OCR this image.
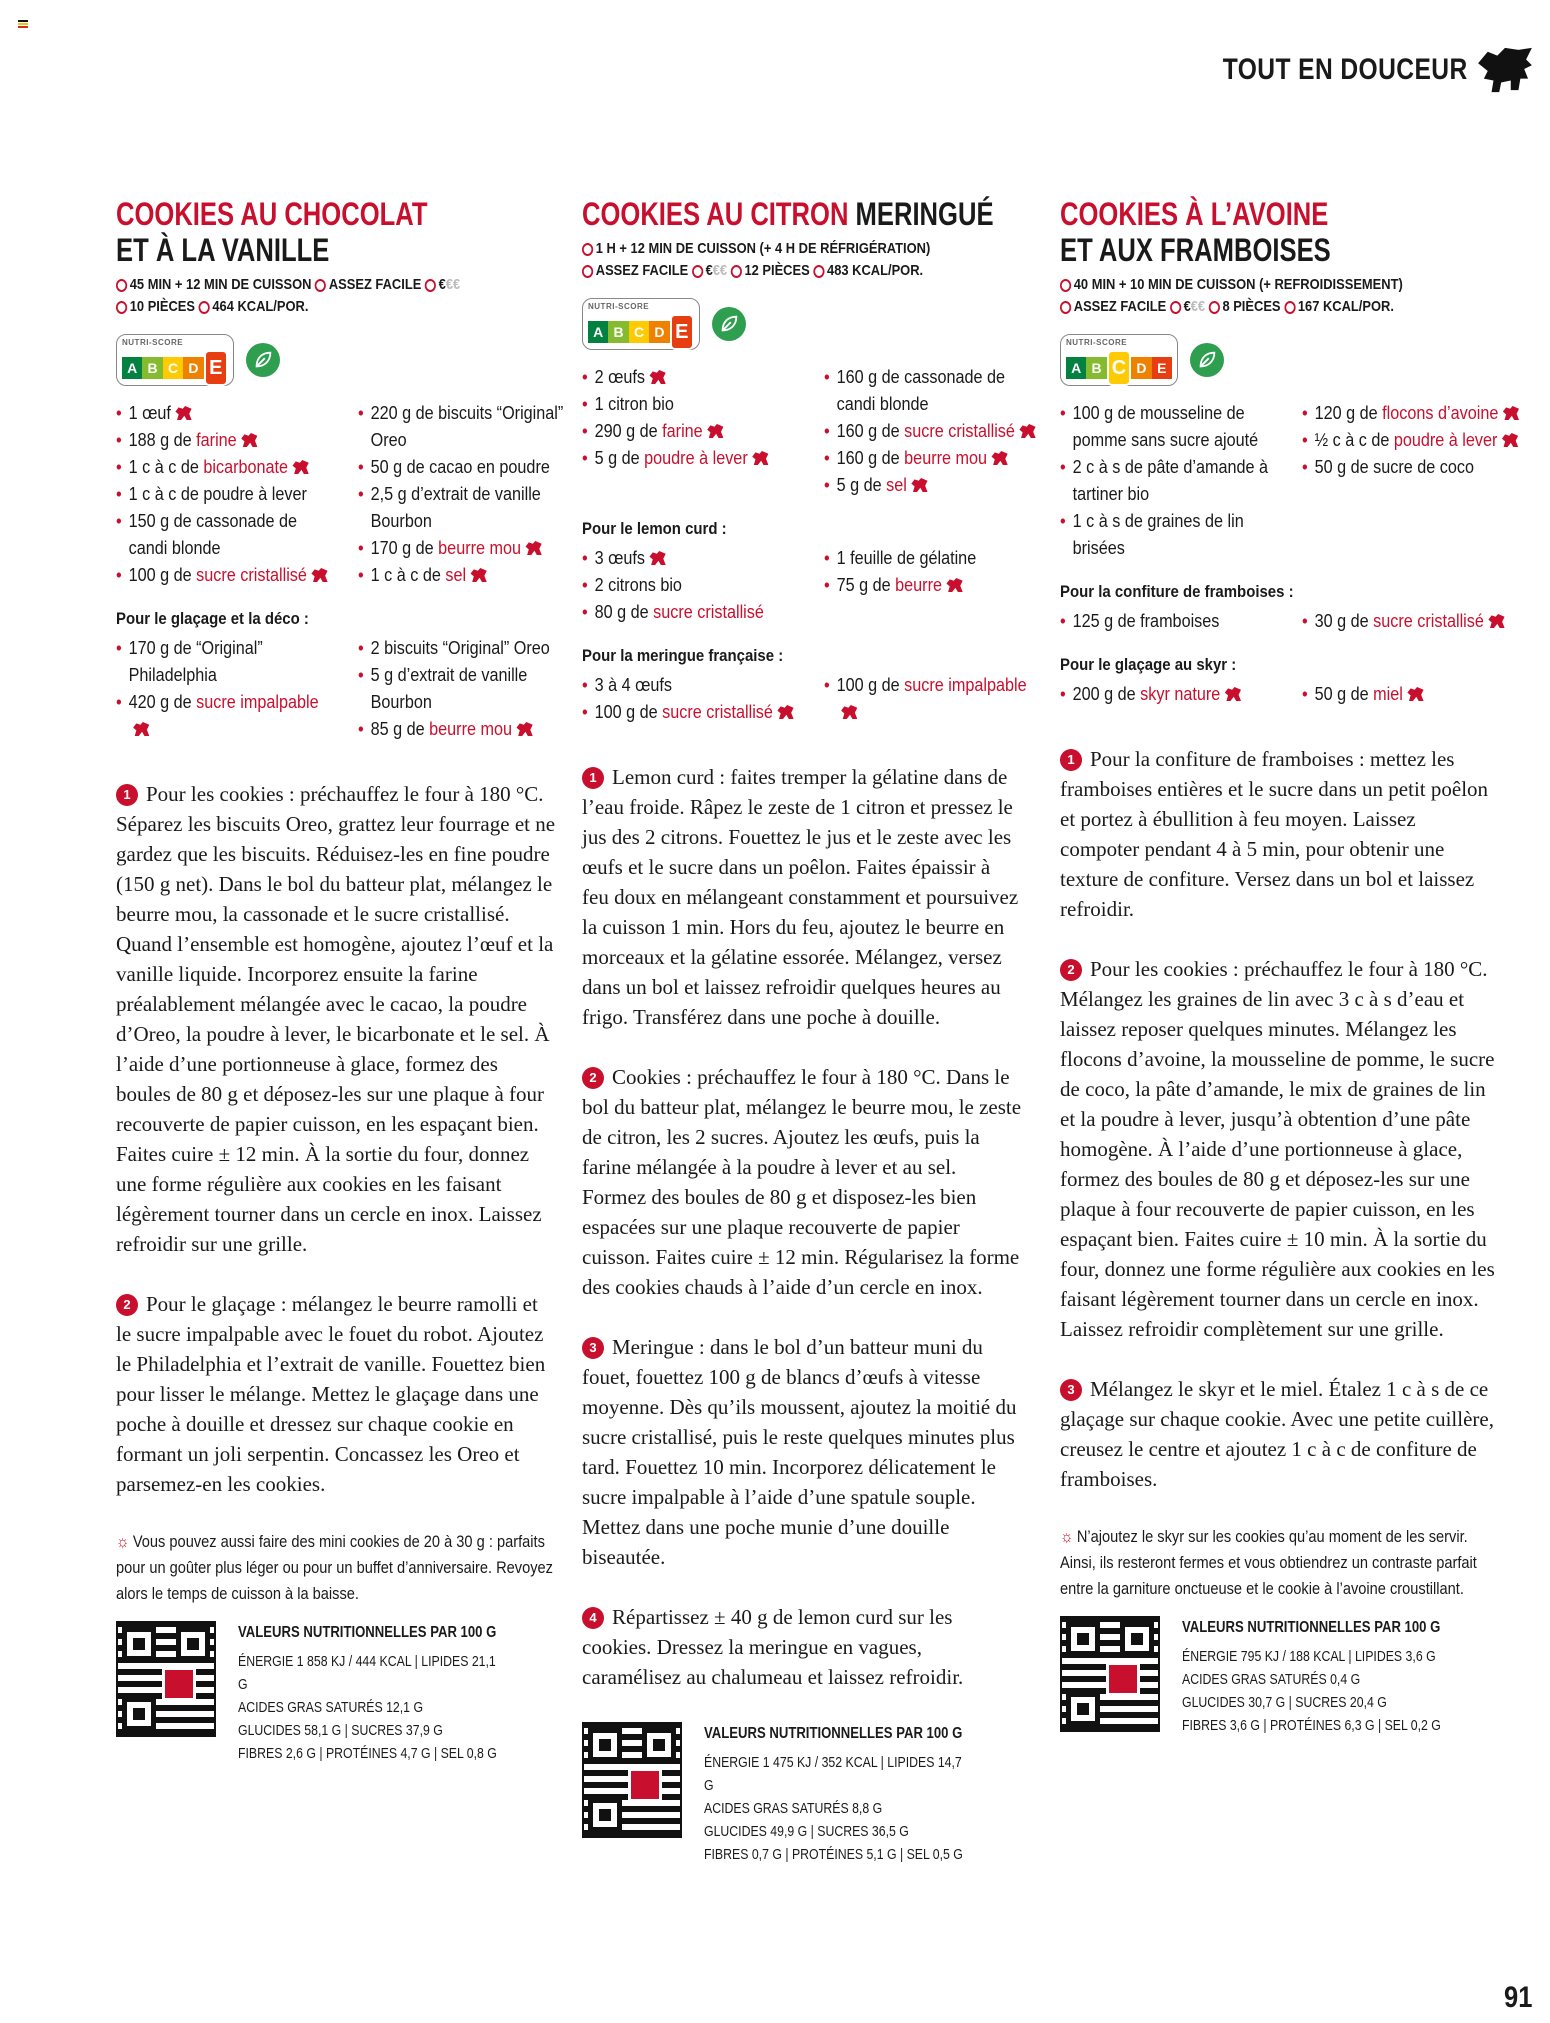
TOUT EN DOUCEUR
COOKIES AU CHOCOLAT
ET À LA VANILLE
45 MIN + 12 MIN DE CUISSON ASSEZ FACILE €€€
10 PIÈCES 464 KCAL/POR.
NUTRI-SCORE
A B C D E
• 1 œuf
• 188 g de farine
• 1 c à c de bicarbonate
• 1 c à c de poudre à lever
• 150 g de cassonade de candi blonde
• 100 g de sucre cristallisé
• 220 g de biscuits “Original” Oreo
• 50 g de cacao en poudre
• 2,5 g d’extrait de vanille Bourbon
• 170 g de beurre mou
• 1 c à c de sel
Pour le glaçage et la déco :
• 170 g de “Original” Philadelphia
• 420 g de sucre impalpable
• 2 biscuits “Original” Oreo
• 5 g d’extrait de vanille Bourbon
• 85 g de beurre mou
1 Pour les cookies : préchauffez le four à 180 °C. Séparez les biscuits Oreo, grattez leur fourrage et ne gardez que les biscuits. Réduisez-les en fine poudre (150 g net). Dans le bol du batteur plat, mélangez le beurre mou, la cassonade et le sucre cristallisé. Quand l’ensemble est homogène, ajoutez l’œuf et la vanille liquide. Incorporez ensuite la farine préalablement mélangée avec le cacao, la poudre d’Oreo, la poudre à lever, le bicarbonate et le sel. À l’aide d’une portionneuse à glace, formez des boules de 80 g et déposez-les sur une plaque à four recouverte de papier cuisson, en les espaçant bien. Faites cuire ± 12 min. À la sortie du four, donnez une forme régulière aux cookies en les faisant légèrement tourner dans un cercle en inox. Laissez refroidir sur une grille.
2 Pour le glaçage : mélangez le beurre ramolli et le sucre impalpable avec le fouet du robot. Ajoutez le Philadelphia et l’extrait de vanille. Fouettez bien pour lisser le mélange. Mettez le glaçage dans une poche à douille et dressez sur chaque cookie en formant un joli serpentin. Concassez les Oreo et parsemez-en les cookies.
☼ Vous pouvez aussi faire des mini cookies de 20 à 30 g : parfaits pour un goûter plus léger ou pour un buffet d’anniversaire. Revoyez alors le temps de cuisson à la baisse.
VALEURS NUTRITIONNELLES PAR 100 G
ÉNERGIE 1 858 KJ / 444 KCAL | LIPIDES 21,1 G
ACIDES GRAS SATURÉS 12,1 G
GLUCIDES 58,1 G | SUCRES 37,9 G
FIBRES 2,6 G | PROTÉINES 4,7 G | SEL 0,8 G
COOKIES AU CITRON MERINGUÉ
1 H + 12 MIN DE CUISSON (+ 4 H DE RÉFRIGÉRATION)
ASSEZ FACILE €€€ 12 PIÈCES 483 KCAL/POR.
NUTRI-SCORE
A B C D E
• 2 œufs
• 1 citron bio
• 290 g de farine
• 5 g de poudre à lever
• 160 g de cassonade de candi blonde
• 160 g de sucre cristallisé
• 160 g de beurre mou
• 5 g de sel
Pour le lemon curd :
• 3 œufs
• 2 citrons bio
• 80 g de sucre cristallisé
• 1 feuille de gélatine
• 75 g de beurre
Pour la meringue française :
• 3 à 4 œufs
• 100 g de sucre cristallisé
• 100 g de sucre impalpable
1 Lemon curd : faites tremper la gélatine dans de l’eau froide. Râpez le zeste de 1 citron et pressez le jus des 2 citrons. Fouettez le jus et le zeste avec les œufs et le sucre dans un poêlon. Faites épaissir à feu doux en mélangeant constamment et poursuivez la cuisson 1 min. Hors du feu, ajoutez le beurre en morceaux et la gélatine essorée. Mélangez, versez dans un bol et laissez refroidir quelques heures au frigo. Transférez dans une poche à douille.
2 Cookies : préchauffez le four à 180 °C. Dans le bol du batteur plat, mélangez le beurre mou, le zeste de citron, les 2 sucres. Ajoutez les œufs, puis la farine mélangée à la poudre à lever et au sel. Formez des boules de 80 g et disposez-les bien espacées sur une plaque recouverte de papier cuisson. Faites cuire ± 12 min. Régularisez la forme des cookies chauds à l’aide d’un cercle en inox.
3 Meringue : dans le bol d’un batteur muni du fouet, fouettez 100 g de blancs d’œufs à vitesse moyenne. Dès qu’ils moussent, ajoutez la moitié du sucre cristallisé, puis le reste quelques minutes plus tard. Fouettez 10 min. Incorporez délicatement le sucre impalpable à l’aide d’une spatule souple. Mettez dans une poche munie d’une douille biseautée.
4 Répartissez ± 40 g de lemon curd sur les cookies. Dressez la meringue en vagues, caramélisez au chalumeau et laissez refroidir.
VALEURS NUTRITIONNELLES PAR 100 G
ÉNERGIE 1 475 KJ / 352 KCAL | LIPIDES 14,7 G
ACIDES GRAS SATURÉS 8,8 G
GLUCIDES 49,9 G | SUCRES 36,5 G
FIBRES 0,7 G | PROTÉINES 5,1 G | SEL 0,5 G
COOKIES À L’AVOINE
ET AUX FRAMBOISES
40 MIN + 10 MIN DE CUISSON (+ REFROIDISSEMENT)
ASSEZ FACILE €€€ 8 PIÈCES 167 KCAL/POR.
NUTRI-SCORE
A B C D E
• 100 g de mousseline de pomme sans sucre ajouté
• 2 c à s de pâte d’amande à tartiner bio
• 1 c à s de graines de lin brisées
• 120 g de flocons d’avoine
• ½ c à c de poudre à lever
• 50 g de sucre de coco
Pour la confiture de framboises :
• 125 g de framboises	• 30 g de sucre cristallisé
Pour le glaçage au skyr :
• 200 g de skyr nature	• 50 g de miel
1 Pour la confiture de framboises : mettez les framboises entières et le sucre dans un petit poêlon et portez à ébullition à feu moyen. Laissez compoter pendant 4 à 5 min, pour obtenir une texture de confiture. Versez dans un bol et laissez refroidir.
2 Pour les cookies : préchauffez le four à 180 °C. Mélangez les graines de lin avec 3 c à s d’eau et laissez reposer quelques minutes. Mélangez les flocons d’avoine, la mousseline de pomme, le sucre de coco, la pâte d’amande, le mix de graines de lin et la poudre à lever, jusqu’à obtention d’une pâte homogène. À l’aide d’une portionneuse à glace, formez des boules de 80 g et déposez-les sur une plaque à four recouverte de papier cuisson, en les espaçant bien. Faites cuire ± 10 min. À la sortie du four, donnez une forme régulière aux cookies en les faisant légèrement tourner dans un cercle en inox. Laissez refroidir complètement sur une grille.
3 Mélangez le skyr et le miel. Étalez 1 c à s de ce glaçage sur chaque cookie. Avec une petite cuillère, creusez le centre et ajoutez 1 c à c de confiture de framboises.
☼ N’ajoutez le skyr sur les cookies qu’au moment de les servir. Ainsi, ils resteront fermes et vous obtiendrez un contraste parfait entre la garniture onctueuse et le cookie à l’avoine croustillant.
VALEURS NUTRITIONNELLES PAR 100 G
ÉNERGIE 795 KJ / 188 KCAL | LIPIDES 3,6 G
ACIDES GRAS SATURÉS 0,4 G
GLUCIDES 30,7 G | SUCRES 20,4 G
FIBRES 3,6 G | PROTÉINES 6,3 G | SEL 0,2 G
91
